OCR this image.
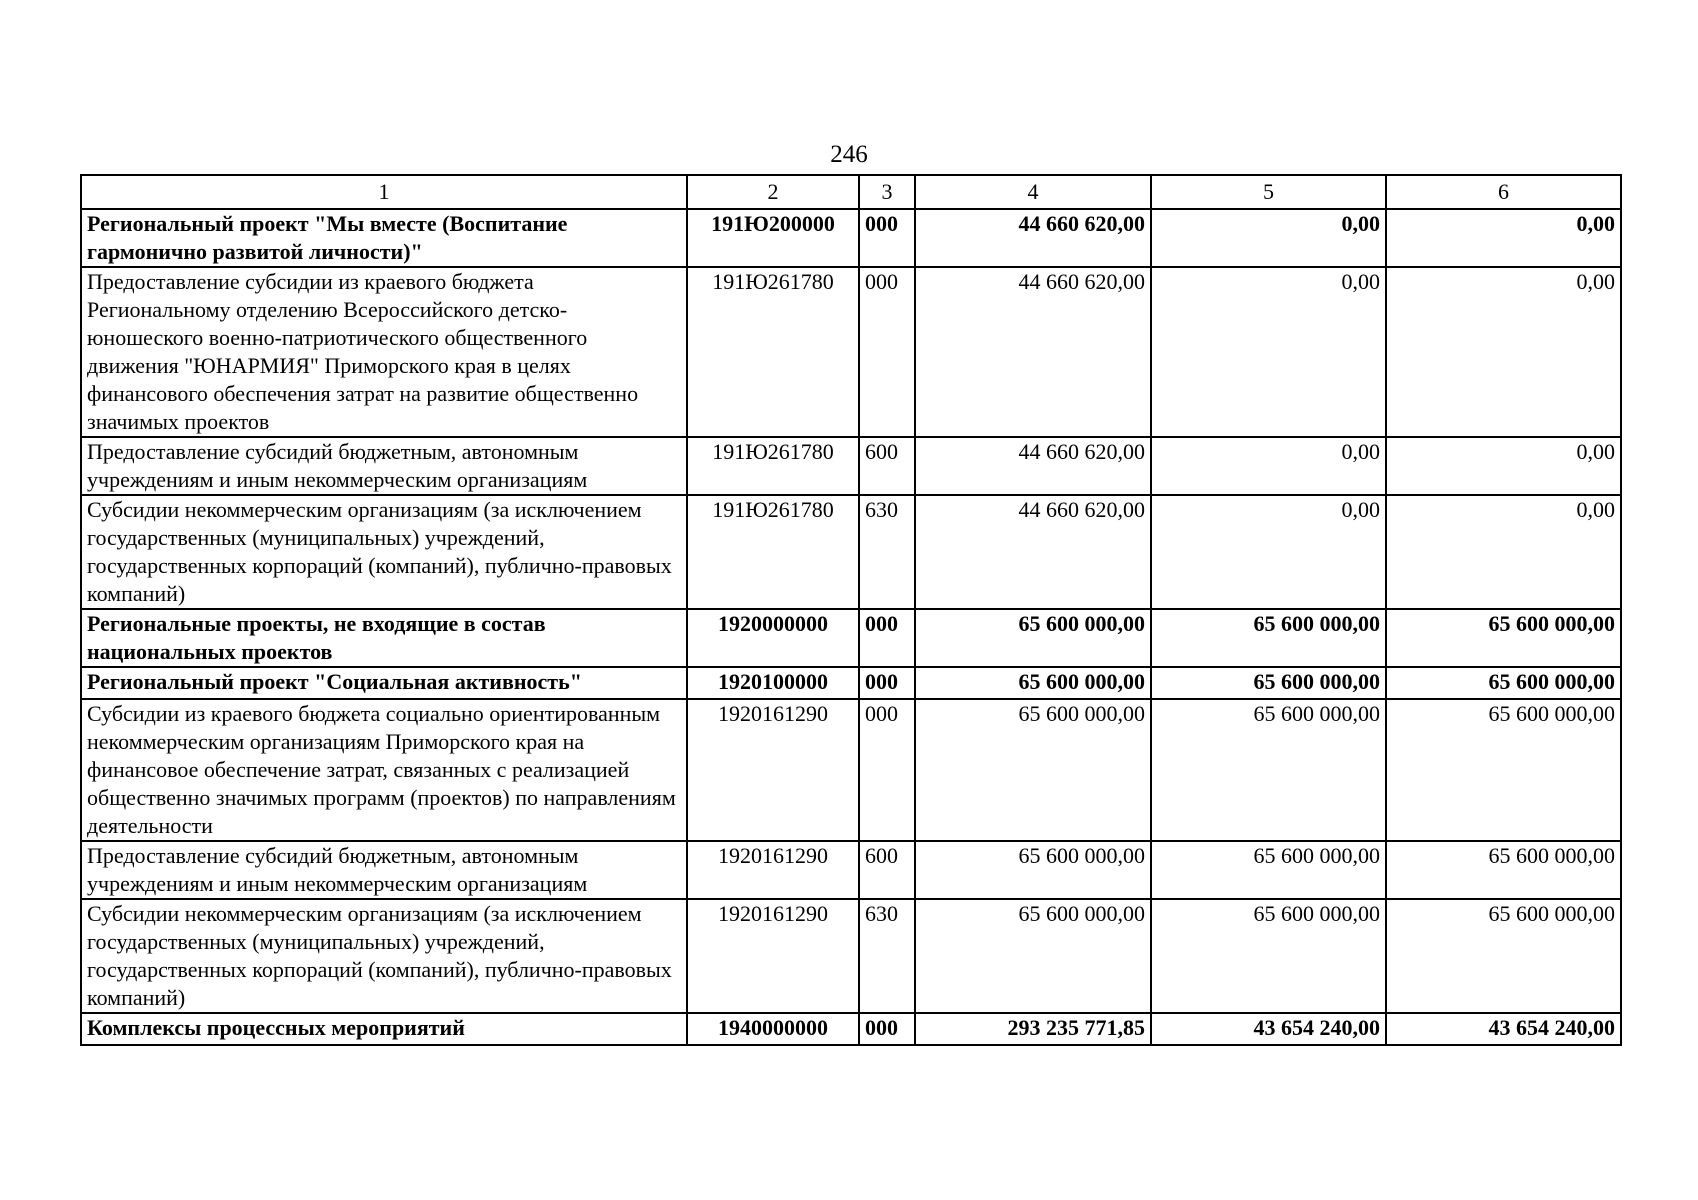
246
1	2	3	4	5	6
Региональный проект "Мы вместе (Воспитание гармонично развитой личности)"	191Ю200000	000	44 660 620,00	0,00	0,00
Предоставление субсидии из краевого бюджета Региональному отделению Всероссийского детско-юношеского военно-патриотического общественного движения "ЮНАРМИЯ" Приморского края в целях финансового обеспечения затрат на развитие общественно значимых проектов	191Ю261780	000	44 660 620,00	0,00	0,00
Предоставление субсидий бюджетным, автономным учреждениям и иным некоммерческим организациям	191Ю261780	600	44 660 620,00	0,00	0,00
Субсидии некоммерческим организациям (за исключением государственных (муниципальных) учреждений, государственных корпораций (компаний), публично-правовых компаний)	191Ю261780	630	44 660 620,00	0,00	0,00
Региональные проекты, не входящие в состав национальных проектов	1920000000	000	65 600 000,00	65 600 000,00	65 600 000,00
Региональный проект "Социальная активность"	1920100000	000	65 600 000,00	65 600 000,00	65 600 000,00
Субсидии из краевого бюджета социально ориентированным некоммерческим организациям Приморского края на финансовое обеспечение затрат, связанных с реализацией общественно значимых программ (проектов) по направлениям деятельности	1920161290	000	65 600 000,00	65 600 000,00	65 600 000,00
Предоставление субсидий бюджетным, автономным учреждениям и иным некоммерческим организациям	1920161290	600	65 600 000,00	65 600 000,00	65 600 000,00
Субсидии некоммерческим организациям (за исключением государственных (муниципальных) учреждений, государственных корпораций (компаний), публично-правовых компаний)	1920161290	630	65 600 000,00	65 600 000,00	65 600 000,00
Комплексы процессных мероприятий	1940000000	000	293 235 771,85	43 654 240,00	43 654 240,00
